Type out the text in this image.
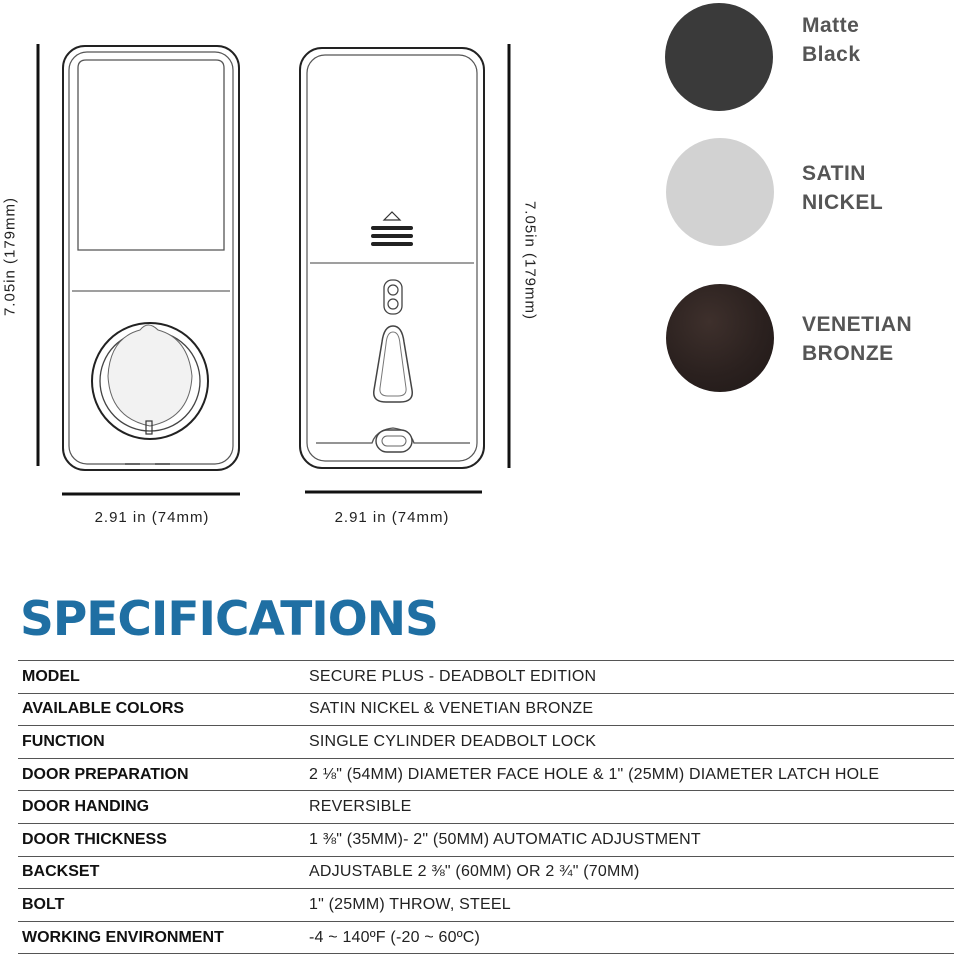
7.05in (179mm)
2.91 in (74mm)
7.05in (179mm)
2.91 in (74mm)
Matte
Black
SATIN
NICKEL
VENETIAN
BRONZE
SPECIFICATIONS
MODEL	SECURE PLUS - DEADBOLT EDITION
AVAILABLE COLORS	SATIN NICKEL & VENETIAN BRONZE
FUNCTION	SINGLE CYLINDER DEADBOLT LOCK
DOOR PREPARATION	2 ⅛" (54MM) DIAMETER FACE HOLE & 1" (25MM) DIAMETER LATCH HOLE
DOOR HANDING	REVERSIBLE
DOOR THICKNESS	1 ⅜" (35MM)- 2" (50MM) AUTOMATIC ADJUSTMENT
BACKSET	ADJUSTABLE 2 ⅜" (60MM) OR 2 ¾" (70MM)
BOLT	1" (25MM) THROW, STEEL
WORKING ENVIRONMENT	-4 ~ 140ºF (-20 ~ 60ºC)
